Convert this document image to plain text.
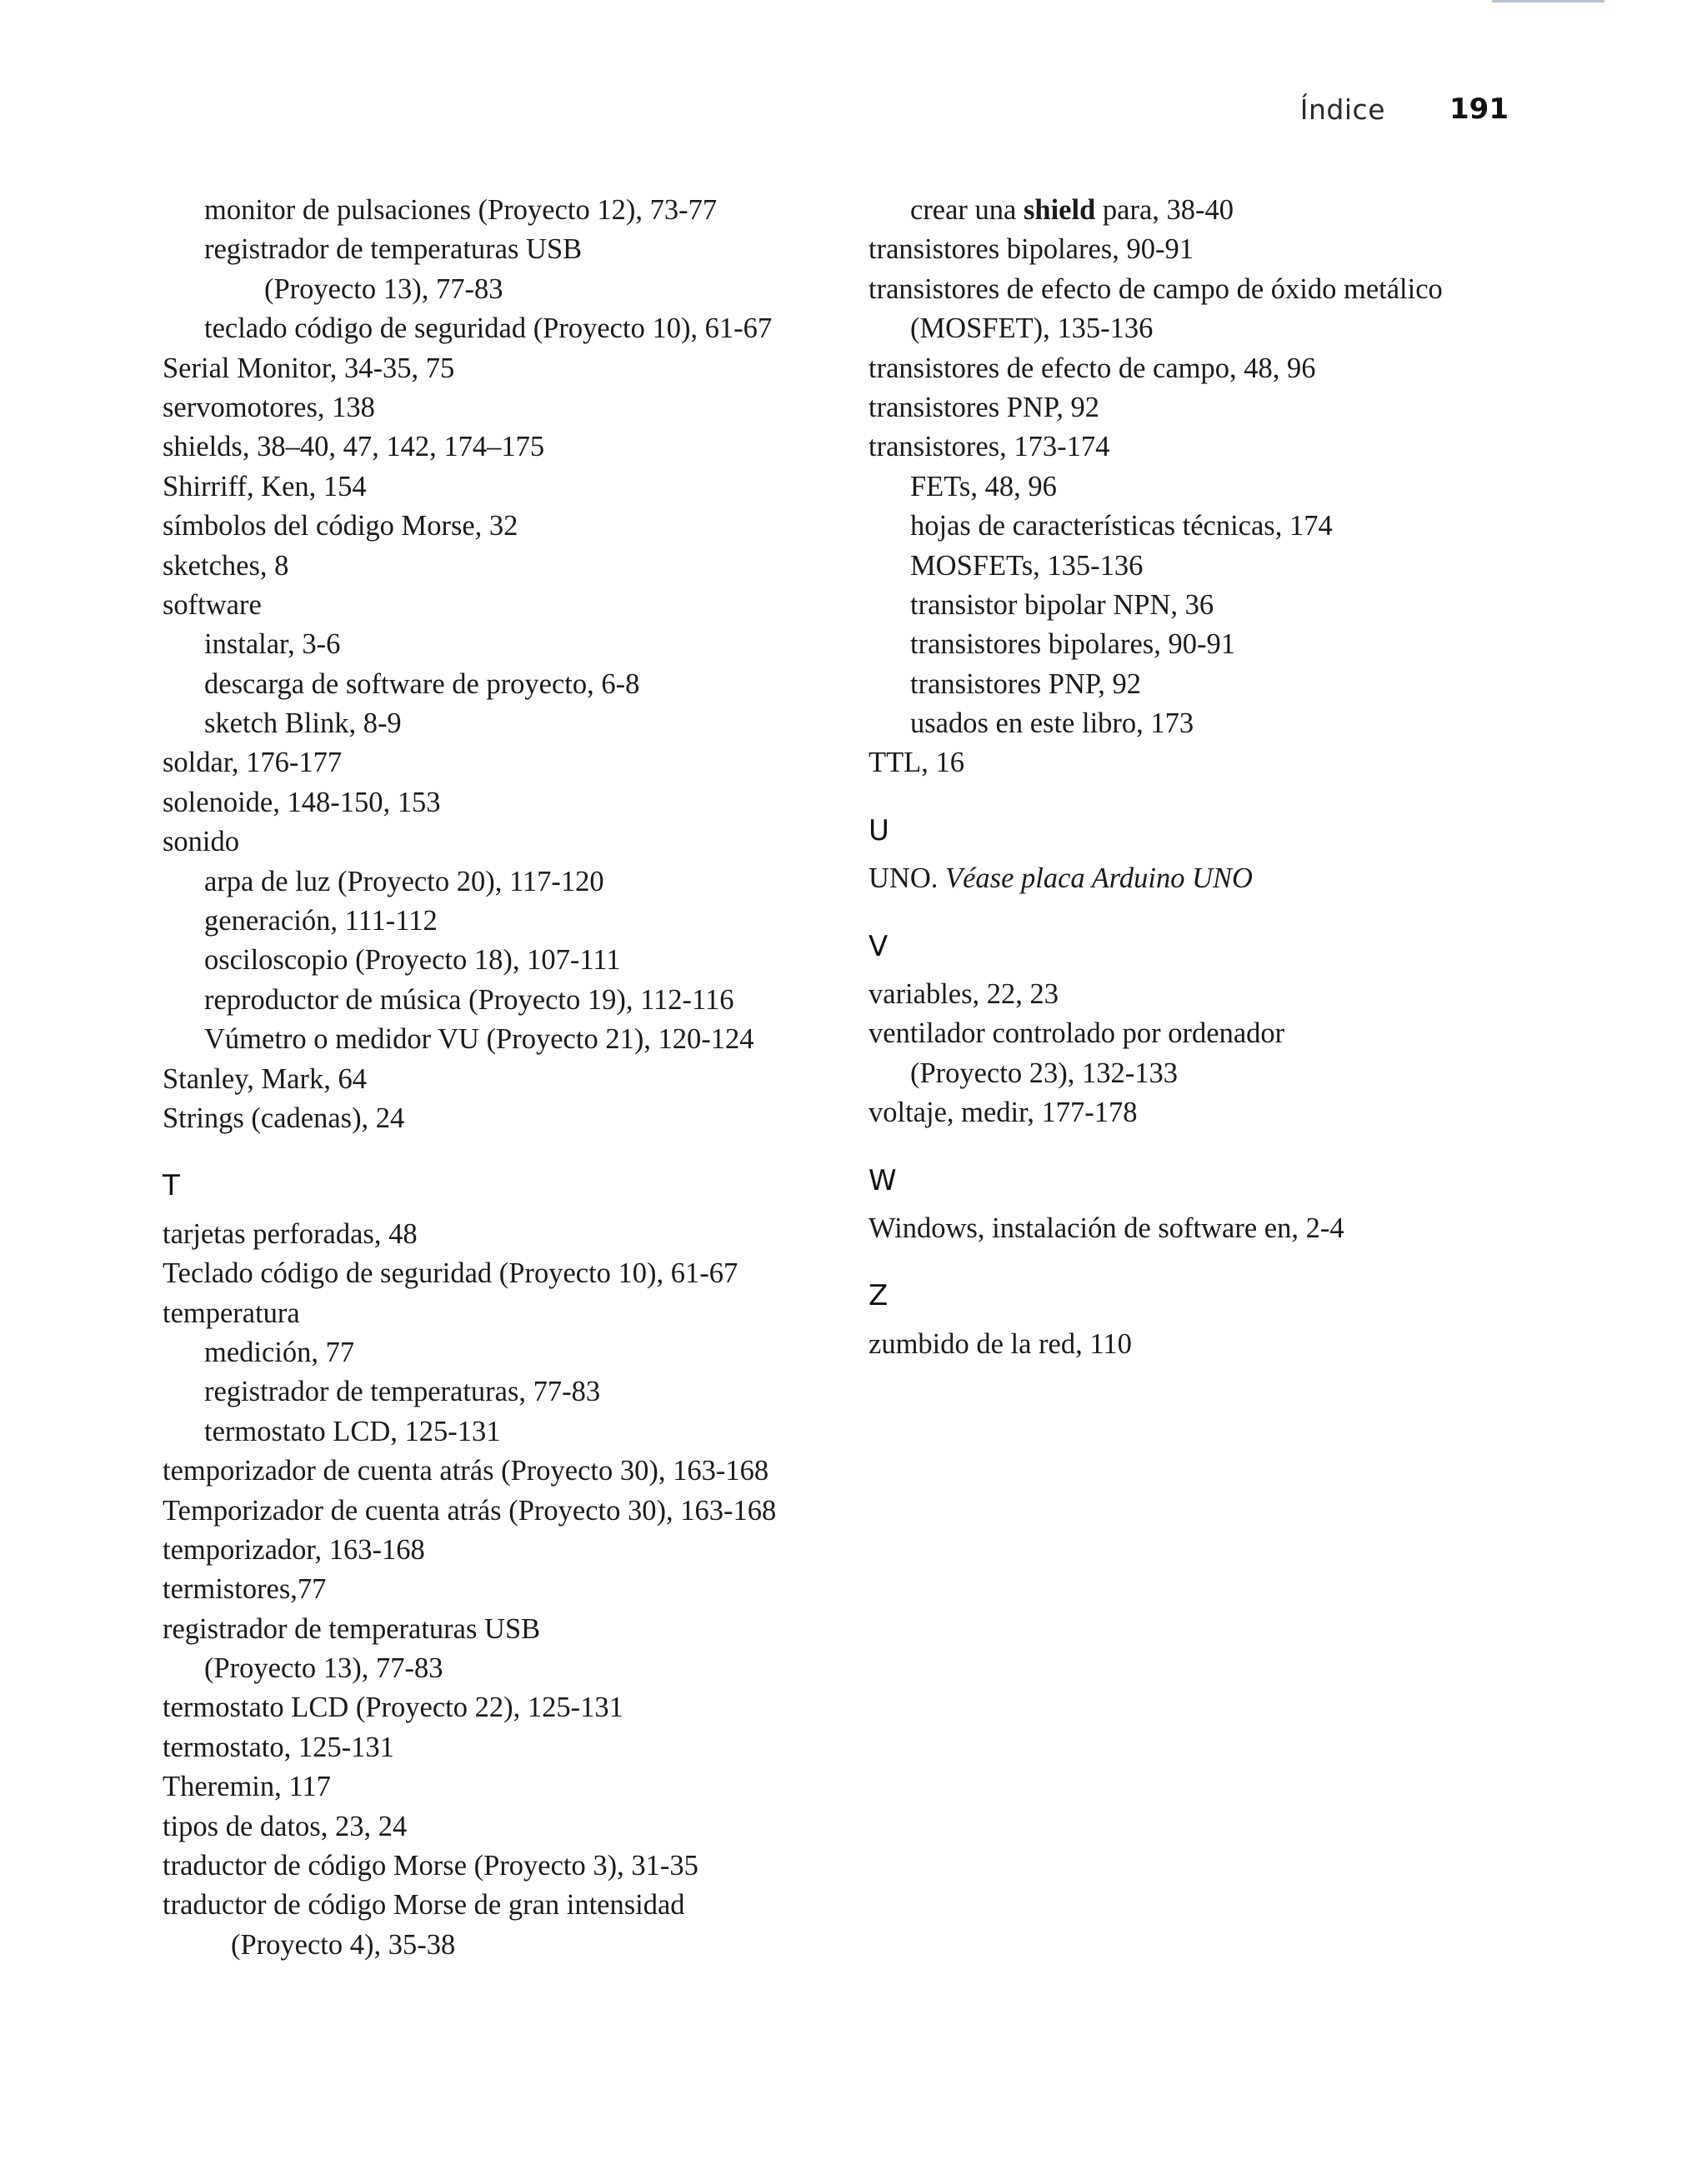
Índice 191
monitor de pulsaciones (Proyecto 12), 73-77
registrador de temperaturas USB
(Proyecto 13), 77-83
teclado código de seguridad (Proyecto 10), 61-67
Serial Monitor, 34-35, 75
servomotores, 138
shields, 38–40, 47, 142, 174–175
Shirriff, Ken, 154
símbolos del código Morse, 32
sketches, 8
software
instalar, 3-6
descarga de software de proyecto, 6-8
sketch Blink, 8-9
soldar, 176-177
solenoide, 148-150, 153
sonido
arpa de luz (Proyecto 20), 117-120
generación, 111-112
osciloscopio (Proyecto 18), 107-111
reproductor de música (Proyecto 19), 112-116
Vúmetro o medidor VU (Proyecto 21), 120-124
Stanley, Mark, 64
Strings (cadenas), 24
T
tarjetas perforadas, 48
Teclado código de seguridad (Proyecto 10), 61-67
temperatura
medición, 77
registrador de temperaturas, 77-83
termostato LCD, 125-131
temporizador de cuenta atrás (Proyecto 30), 163-168
Temporizador de cuenta atrás (Proyecto 30), 163-168
temporizador, 163-168
termistores,77
registrador de temperaturas USB
(Proyecto 13), 77-83
termostato LCD (Proyecto 22), 125-131
termostato, 125-131
Theremin, 117
tipos de datos, 23, 24
traductor de código Morse (Proyecto 3), 31-35
traductor de código Morse de gran intensidad
(Proyecto 4), 35-38
crear una shield para, 38-40
transistores bipolares, 90-91
transistores de efecto de campo de óxido metálico
(MOSFET), 135-136
transistores de efecto de campo, 48, 96
transistores PNP, 92
transistores, 173-174
FETs, 48, 96
hojas de características técnicas, 174
MOSFETs, 135-136
transistor bipolar NPN, 36
transistores bipolares, 90-91
transistores PNP, 92
usados en este libro, 173
TTL, 16
U
UNO. Véase placa Arduino UNO
V
variables, 22, 23
ventilador controlado por ordenador
(Proyecto 23), 132-133
voltaje, medir, 177-178
W
Windows, instalación de software en, 2-4
Z
zumbido de la red, 110
